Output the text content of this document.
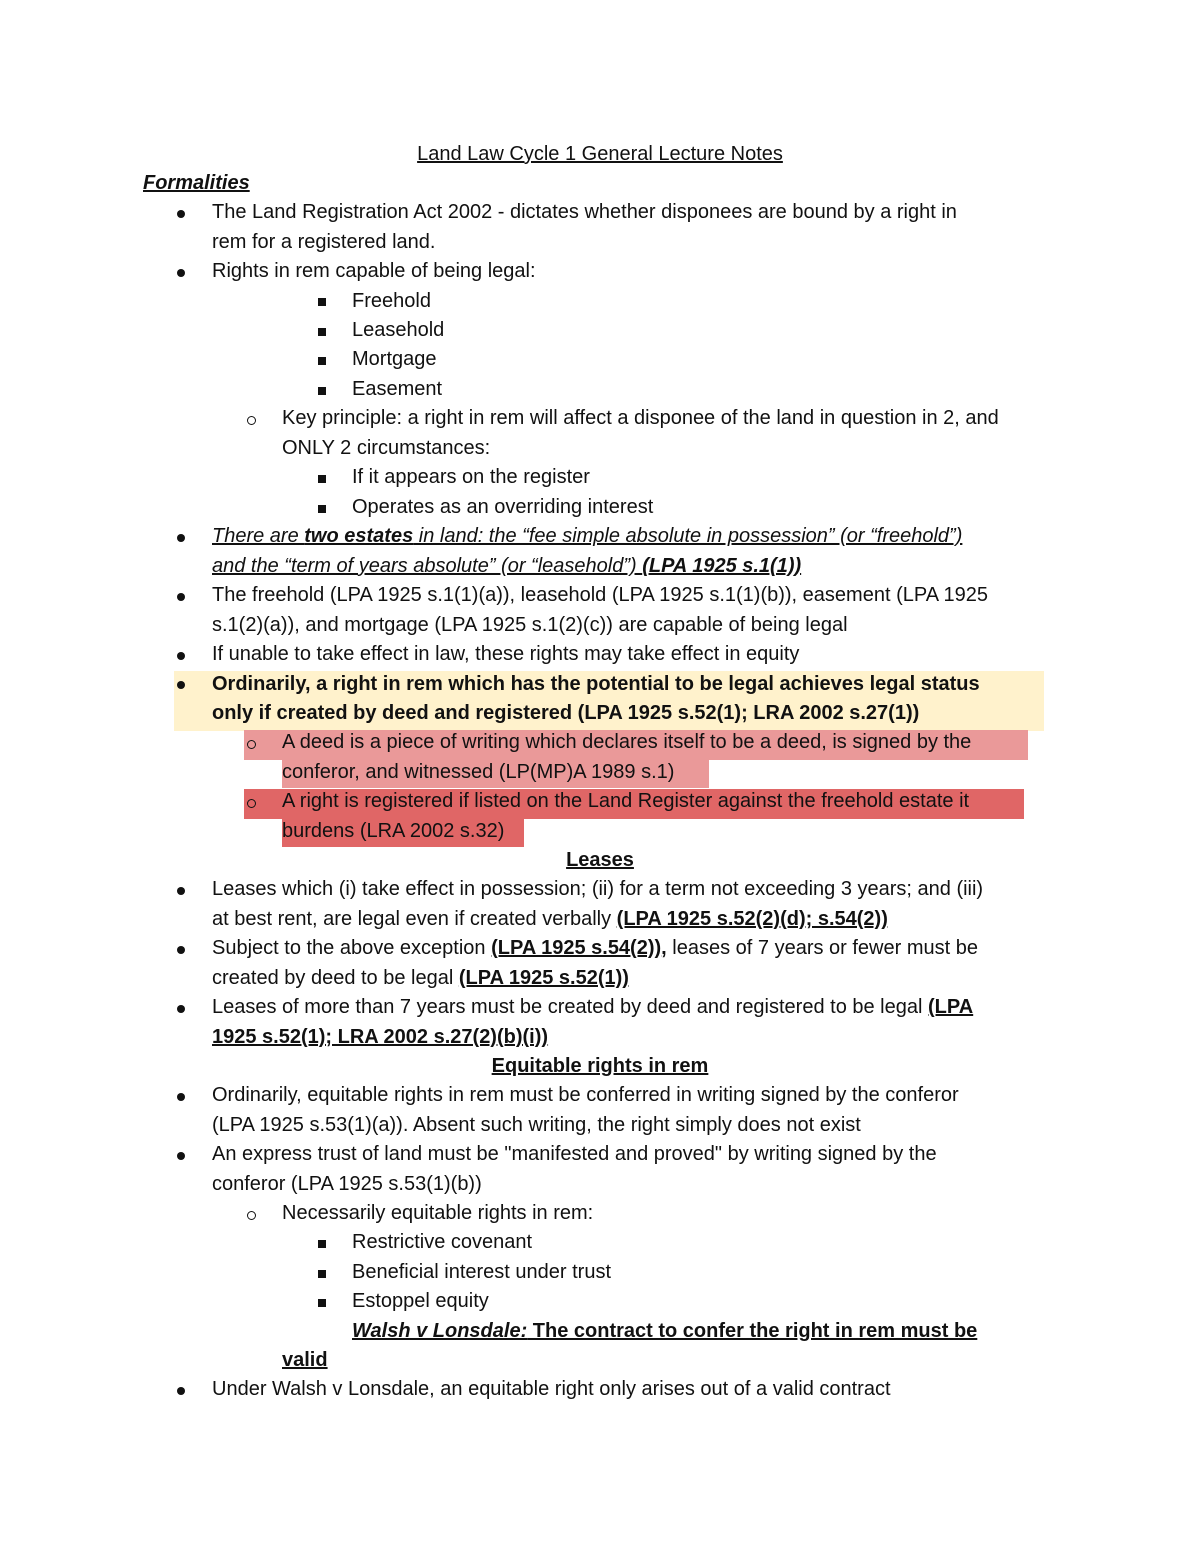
Land Law Cycle 1 General Lecture Notes
Formalities
The Land Registration Act 2002 - dictates whether disponees are bound by a right in
rem for a registered land.
Rights in rem capable of being legal:
Freehold
Leasehold
Mortgage
Easement
Key principle: a right in rem will affect a disponee of the land in question in 2, and
ONLY 2 circumstances:
If it appears on the register
Operates as an overriding interest
There are two estates in land: the “fee simple absolute in possession” (or “freehold”)
and the “term of years absolute” (or “leasehold”) (LPA 1925 s.1(1))
The freehold (LPA 1925 s.1(1)(a)), leasehold (LPA 1925 s.1(1)(b)), easement (LPA 1925
s.1(2)(a)), and mortgage (LPA 1925 s.1(2)(c)) are capable of being legal
If unable to take effect in law, these rights may take effect in equity
Ordinarily, a right in rem which has the potential to be legal achieves legal status
only if created by deed and registered (LPA 1925 s.52(1); LRA 2002 s.27(1))
A deed is a piece of writing which declares itself to be a deed, is signed by the
conferor, and witnessed (LP(MP)A 1989 s.1)
A right is registered if listed on the Land Register against the freehold estate it
burdens (LRA 2002 s.32)
Leases
Leases which (i) take effect in possession; (ii) for a term not exceeding 3 years; and (iii)
at best rent, are legal even if created verbally (LPA 1925 s.52(2)(d); s.54(2))
Subject to the above exception (LPA 1925 s.54(2)), leases of 7 years or fewer must be
created by deed to be legal (LPA 1925 s.52(1))
Leases of more than 7 years must be created by deed and registered to be legal (LPA
1925 s.52(1); LRA 2002 s.27(2)(b)(i))
Equitable rights in rem
Ordinarily, equitable rights in rem must be conferred in writing signed by the conferor
(LPA 1925 s.53(1)(a)). Absent such writing, the right simply does not exist
An express trust of land must be "manifested and proved" by writing signed by the
conferor (LPA 1925 s.53(1)(b))
Necessarily equitable rights in rem:
Restrictive covenant
Beneficial interest under trust
Estoppel equity
Walsh v Lonsdale: The contract to confer the right in rem must be
valid
Under Walsh v Lonsdale, an equitable right only arises out of a valid contract
